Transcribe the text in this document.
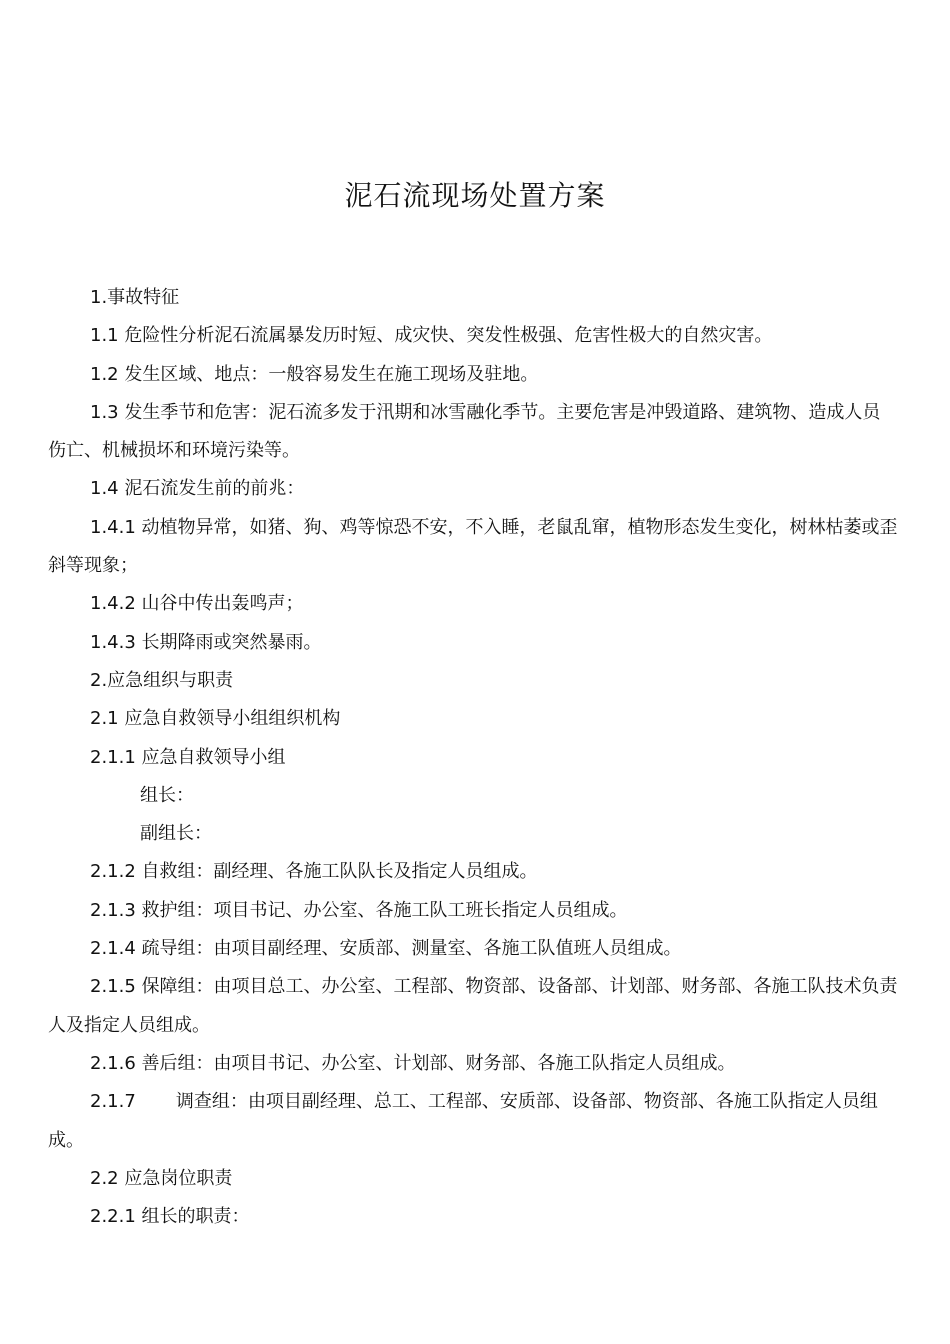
泥石流现场处置方案

1.事故特征

1.1 危险性分析泥石流属暴发历时短、成灾快、突发性极强、危害性极大的自然灾害。

1.2 发生区域、地点：一般容易发生在施工现场及驻地。

1.3 发生季节和危害：泥石流多发于汛期和冰雪融化季节。主要危害是冲毁道路、建筑物、造成人员伤亡、机械损坏和环境污染等。

1.4 泥石流发生前的前兆：

1.4.1 动植物异常，如猪、狗、鸡等惊恐不安，不入睡，老鼠乱窜，植物形态发生变化，树林枯萎或歪斜等现象；

1.4.2 山谷中传出轰鸣声；

1.4.3 长期降雨或突然暴雨。

2.应急组织与职责

2.1 应急自救领导小组组织机构

2.1.1 应急自救领导小组

组长：

副组长：

2.1.2 自救组：副经理、各施工队队长及指定人员组成。

2.1.3 救护组：项目书记、办公室、各施工队工班长指定人员组成。

2.1.4 疏导组：由项目副经理、安质部、测量室、各施工队值班人员组成。

2.1.5 保障组：由项目总工、办公室、工程部、物资部、设备部、计划部、财务部、各施工队技术负责人及指定人员组成。

2.1.6 善后组：由项目书记、办公室、计划部、财务部、各施工队指定人员组成。

2.1.7       调查组：由项目副经理、总工、工程部、安质部、设备部、物资部、各施工队指定人员组成。

2.2 应急岗位职责

2.2.1 组长的职责：
